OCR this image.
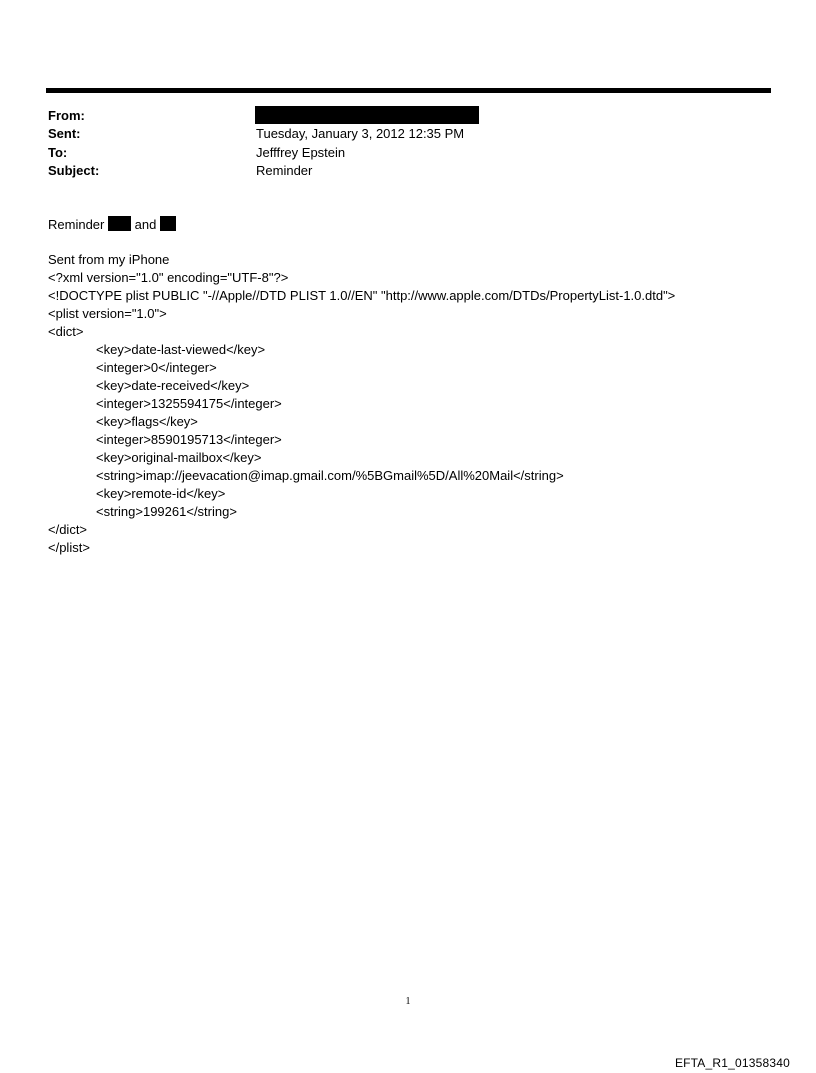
From:
Sent:	Tuesday, January 3, 2012 12:35 PM
To:	Jefffrey Epstein
Subject:	Reminder
Reminder and
Sent from my iPhone
<?xml version="1.0" encoding="UTF-8"?>
<!DOCTYPE plist PUBLIC "-//Apple//DTD PLIST 1.0//EN" "http://www.apple.com/DTDs/PropertyList-1.0.dtd">
<plist version="1.0">
<dict>
<key>date-last-viewed</key>
<integer>0</integer>
<key>date-received</key>
<integer>1325594175</integer>
<key>flags</key>
<integer>8590195713</integer>
<key>original-mailbox</key>
<string>imap://jeevacation@imap.gmail.com/%5BGmail%5D/All%20Mail</string>
<key>remote-id</key>
<string>199261</string>
</dict>
</plist>
1
EFTA_R1_01358340
